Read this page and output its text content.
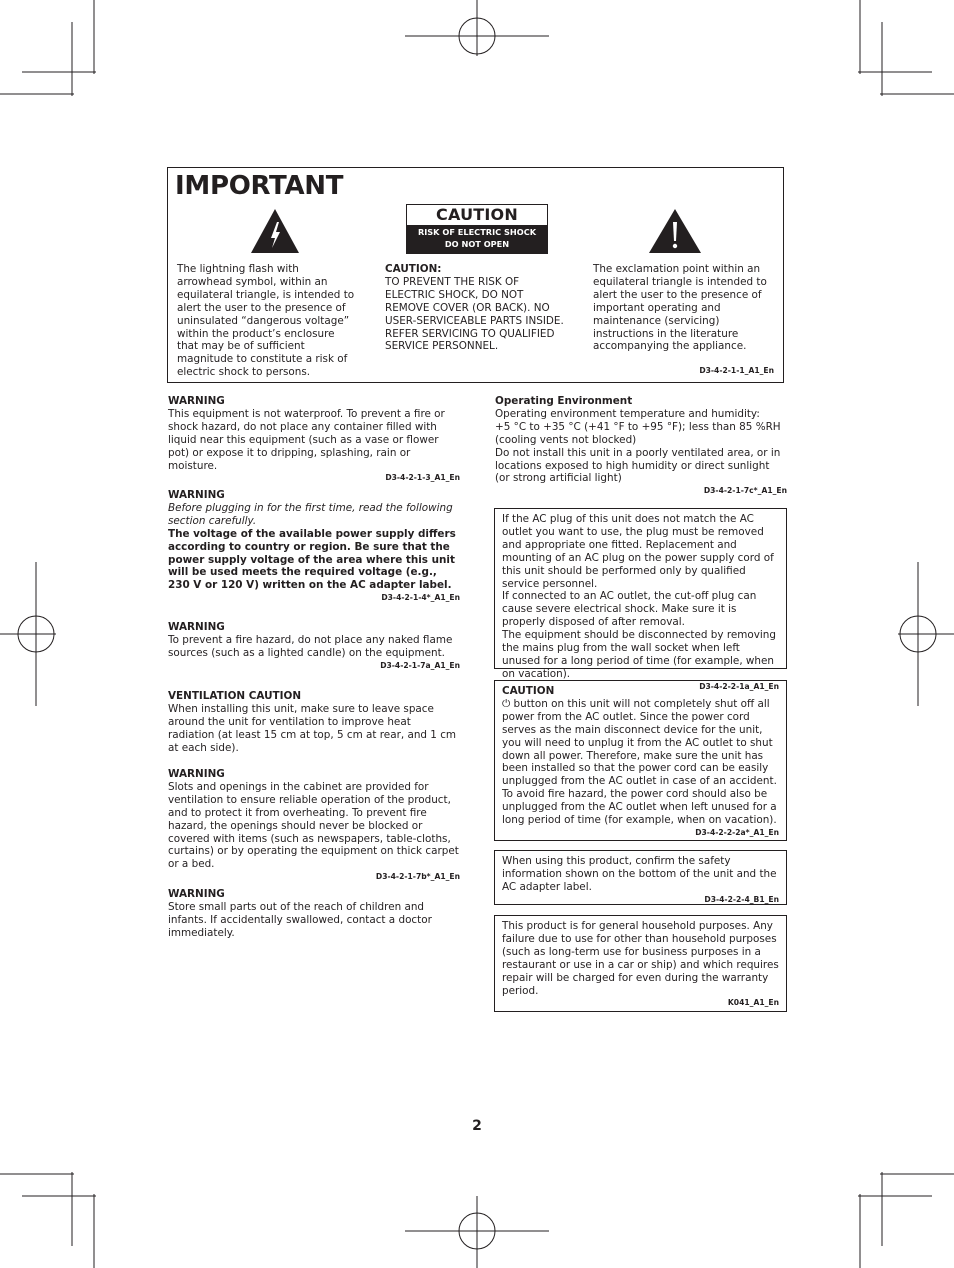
IMPORTANT
CAUTION
RISK OF ELECTRIC SHOCK
DO NOT OPEN
The lightning flash with arrowhead symbol, within an equilateral triangle, is intended to alert the user to the presence of uninsulated “dangerous voltage” within the product’s enclosure that may be of sufficient magnitude to constitute a risk of electric shock to persons.
CAUTION:
TO PREVENT THE RISK OF ELECTRIC SHOCK, DO NOT REMOVE COVER (OR BACK). NO USER-SERVICEABLE PARTS INSIDE. REFER SERVICING TO QUALIFIED SERVICE PERSONNEL.
The exclamation point within an equilateral triangle is intended to alert the user to the presence of important operating and maintenance (servicing) instructions in the literature accompanying the appliance.
D3-4-2-1-1_A1_En
WARNING

This equipment is not waterproof. To prevent a fire or shock hazard, do not place any container filled with liquid near this equipment (such as a vase or flower pot) or expose it to dripping, splashing, rain or moisture.

D3-4-2-1-3_A1_En
WARNING

Before plugging in for the first time, read the following section carefully.

The voltage of the available power supply differs according to country or region. Be sure that the power supply voltage of the area where this unit will be used meets the required voltage (e.g., 230 V or 120 V) written on the AC adapter label.

D3-4-2-1-4*_A1_En
WARNING

To prevent a fire hazard, do not place any naked flame sources (such as a lighted candle) on the equipment.

D3-4-2-1-7a_A1_En
VENTILATION CAUTION

When installing this unit, make sure to leave space around the unit for ventilation to improve heat radiation (at least 15 cm at top, 5 cm at rear, and 1 cm at each side).

WARNING

Slots and openings in the cabinet are provided for ventilation to ensure reliable operation of the product, and to protect it from overheating. To prevent fire hazard, the openings should never be blocked or covered with items (such as newspapers, table-cloths, curtains) or by operating the equipment on thick carpet or a bed.

D3-4-2-1-7b*_A1_En
WARNING

Store small parts out of the reach of children and infants. If accidentally swallowed, contact a doctor immediately.

Operating Environment

Operating environment temperature and humidity:

+5 °C to +35 °C (+41 °F to +95 °F); less than 85 %RH (cooling vents not blocked)

Do not install this unit in a poorly ventilated area, or in locations exposed to high humidity or direct sunlight (or strong artificial light)

D3-4-2-1-7c*_A1_En

If the AC plug of this unit does not match the AC outlet you want to use, the plug must be removed and appropriate one fitted. Replacement and mounting of an AC plug on the power supply cord of this unit should be performed only by qualified service personnel.

If connected to an AC outlet, the cut-off plug can cause severe electrical shock. Make sure it is properly disposed of after removal.

The equipment should be disconnected by removing the mains plug from the wall socket when left unused for a long period of time (for example, when on vacation).

D3-4-2-2-1a_A1_En
CAUTION

⏻ button on this unit will not completely shut off all power from the AC outlet. Since the power cord serves as the main disconnect device for the unit, you will need to unplug it from the AC outlet to shut down all power. Therefore, make sure the unit has been installed so that the power cord can be easily unplugged from the AC outlet in case of an accident. To avoid fire hazard, the power cord should also be unplugged from the AC outlet when left unused for a long period of time (for example, when on vacation).

D3-4-2-2-2a*_A1_En

When using this product, confirm the safety information shown on the bottom of the unit and the AC adapter label.

D3-4-2-2-4_B1_En

This product is for general household purposes. Any failure due to use for other than household purposes (such as long-term use for business purposes in a restaurant or use in a car or ship) and which requires repair will be charged for even during the warranty period.

K041_A1_En
2
